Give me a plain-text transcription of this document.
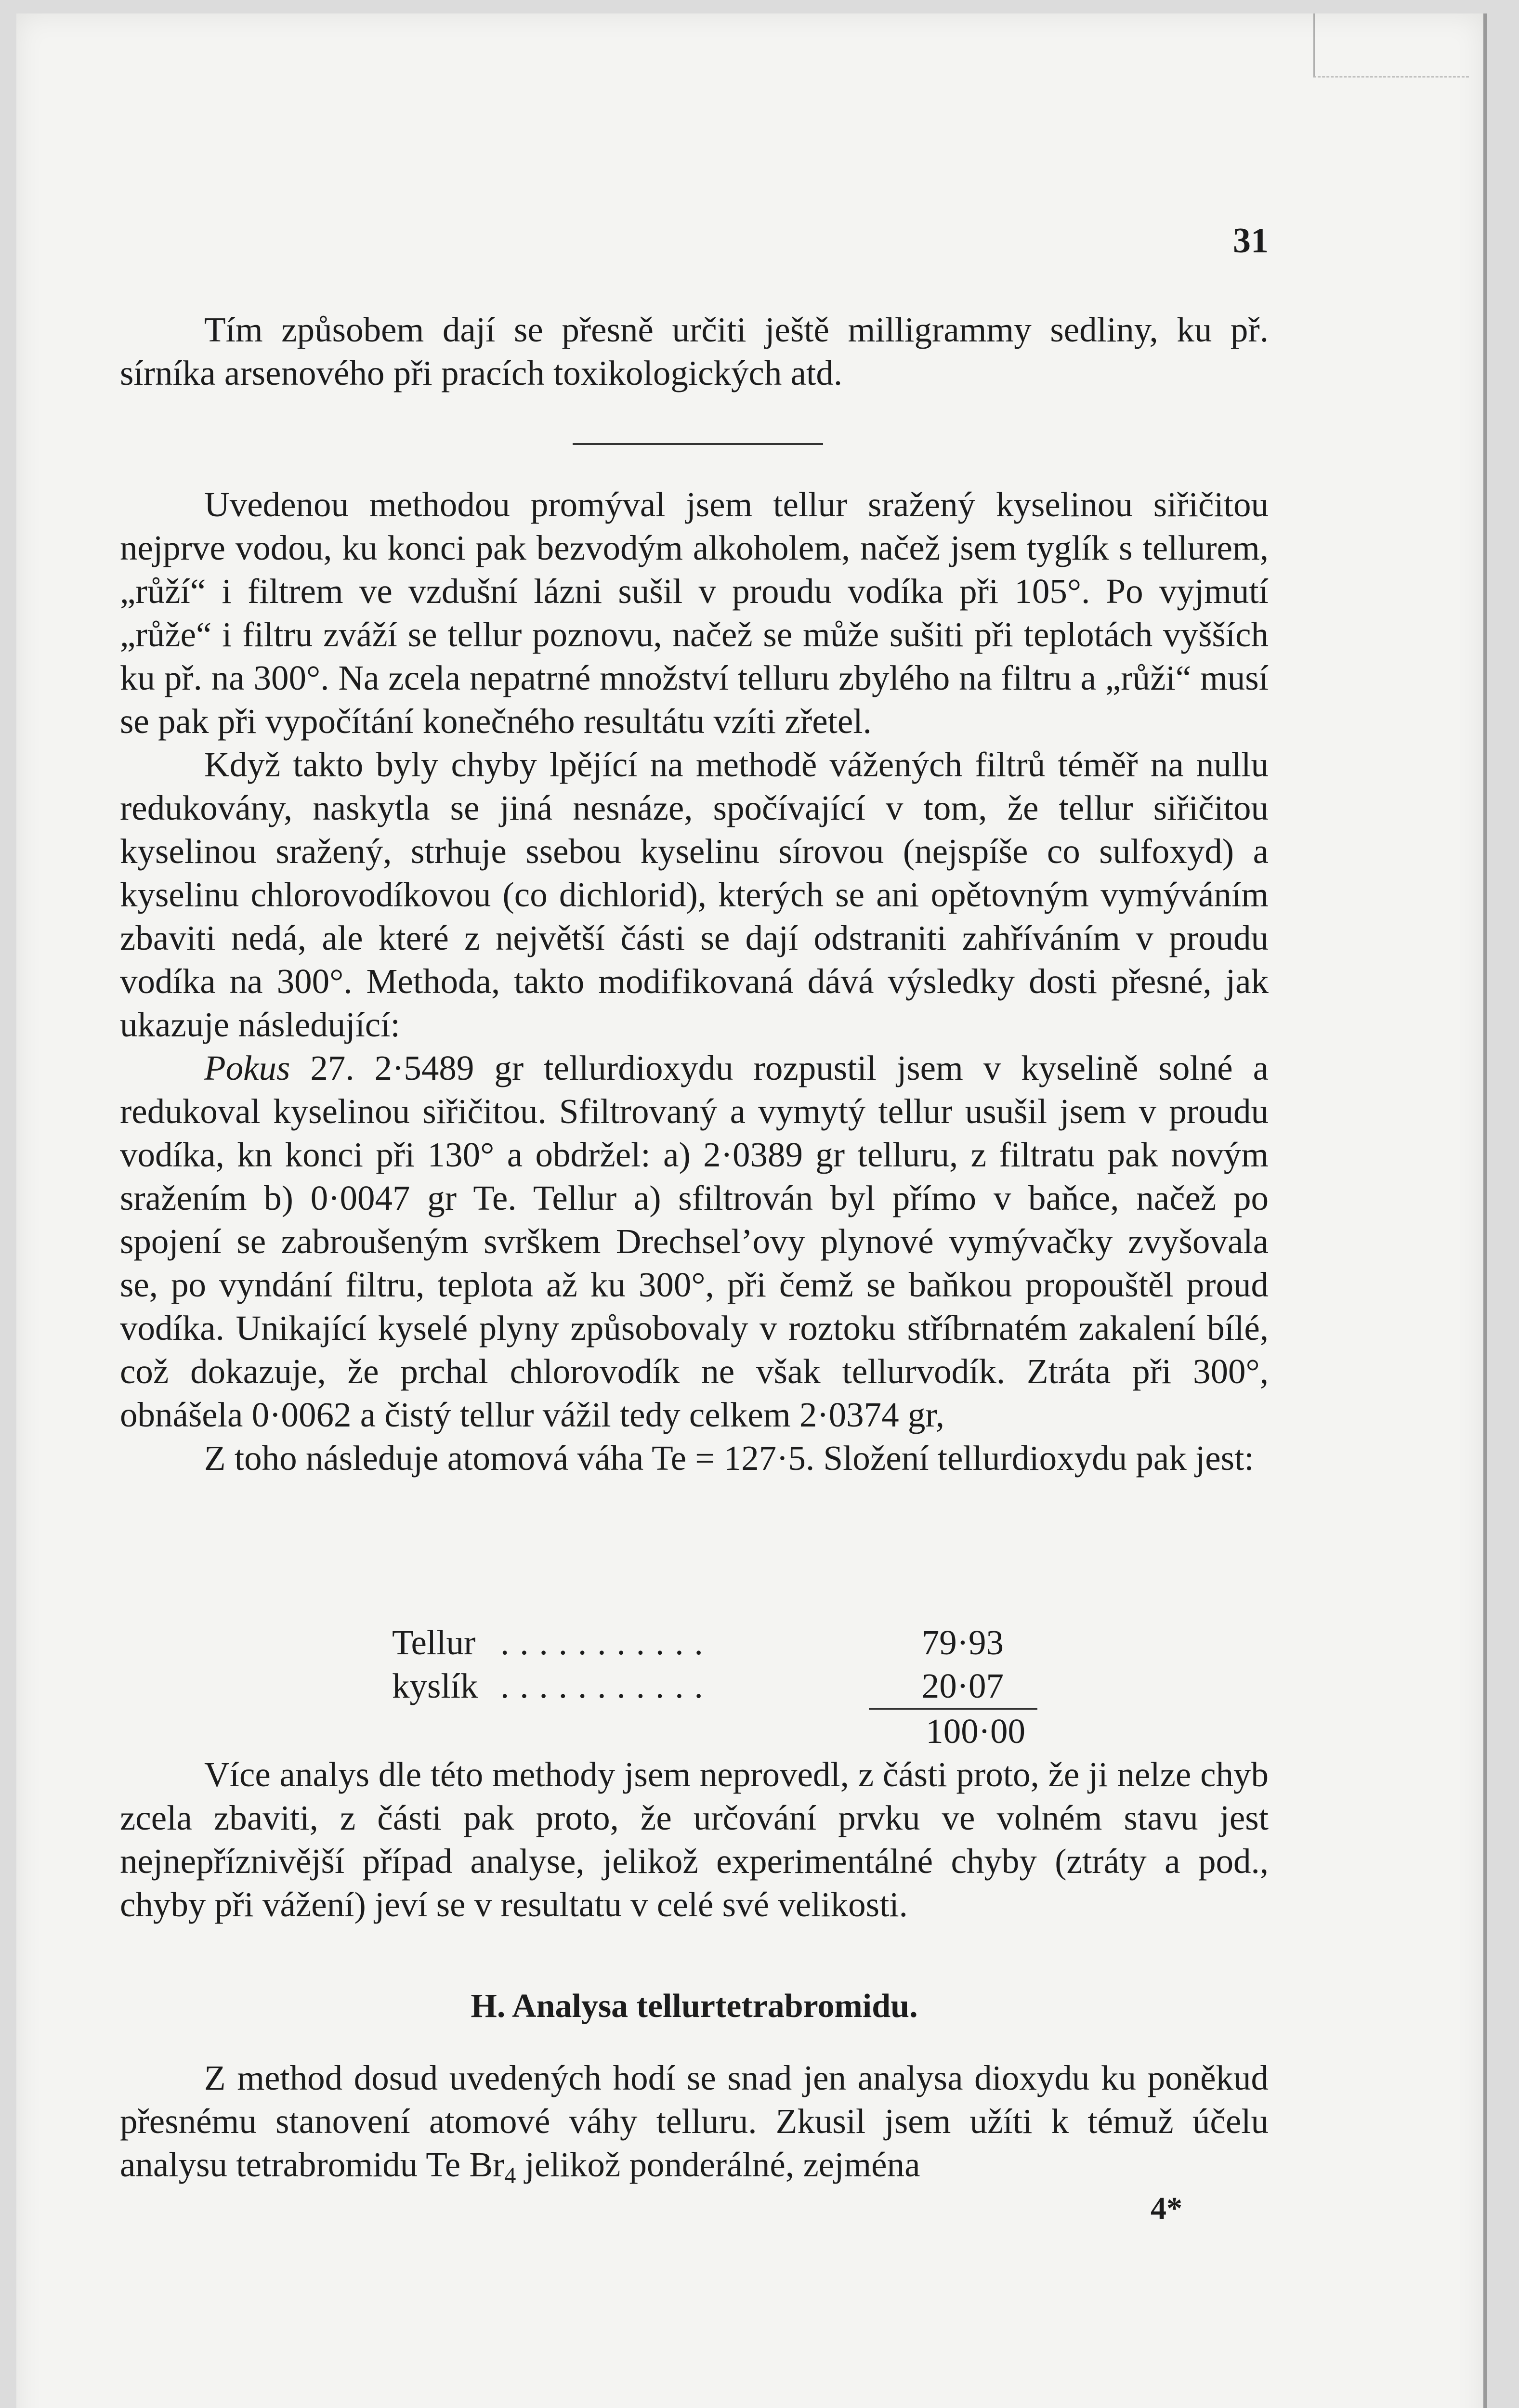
31

Tím způsobem dají se přesně určiti ještě milligrammy sedliny, ku př. sírníka arsenového při pracích toxikologických atd.

Uvedenou methodou promýval jsem tellur sražený kyselinou siřičitou nejprve vodou, ku konci pak bezvodým alkoholem, načež jsem tyglík s tellurem, „růží“ i filtrem ve vzdušní lázni sušil v proudu vodíka při 105°. Po vyjmutí „růže“ i filtru zváží se tellur poznovu, načež se může sušiti při teplotách vyšších ku př. na 300°. Na zcela nepatrné množství telluru zbylého na filtru a „růži“ musí se pak při vypočítání konečného resultátu vzíti zřetel.

Když takto byly chyby lpějící na methodě vážených filtrů téměř na nullu redukovány, naskytla se jiná nesnáze, spočívající v tom, že tellur siřičitou kyselinou sražený, strhuje ssebou kyselinu sírovou (nejspíše co sulfoxyd) a kyselinu chlorovodíkovou (co dichlorid), kterých se ani opětovným vymýváním zbaviti nedá, ale které z největší části se dají odstraniti zahříváním v proudu vodíka na 300°. Methoda, takto modifikovaná dává výsledky dosti přesné, jak ukazuje následující:

Pokus 27. 2·5489 gr tellurdioxydu rozpustil jsem v kyselině solné a redukoval kyselinou siřičitou. Sfiltrovaný a vymytý tellur usušil jsem v proudu vodíka, kn konci při 130° a obdržel: a) 2·0389 gr telluru, z filtratu pak novým sražením b) 0·0047 gr Te. Tellur a) sfiltrován byl přímo v baňce, načež po spojení se zabroušeným svrškem Drechsel’ovy plynové vymývačky zvyšovala se, po vyndání filtru, teplota až ku 300°, při čemž se baňkou propouštěl proud vodíka. Unikající kyselé plyny způsobovaly v roztoku stříbrnatém zakalení bílé, což dokazuje, že prchal chlorovodík ne však tellurvodík. Ztráta při 300°, obnášela 0·0062 a čistý tellur vážil tedy celkem 2·0374 gr,

Z toho následuje atomová váha Te = 127·5. Složení tellurdioxydu pak jest:

Tellur ...........	79·93
kyslík ...........	20·07
100·00

Více analys dle této methody jsem neprovedl, z části proto, že ji nelze chyb zcela zbaviti, z části pak proto, že určování prvku ve volném stavu jest nejnepříznivější případ analyse, jelikož experimentálné chyby (ztráty a pod., chyby při vážení) jeví se v resultatu v celé své velikosti.

H. Analysa tellurtetrabromidu.

Z method dosud uvedených hodí se snad jen analysa dioxydu ku poněkud přesnému stanovení atomové váhy telluru. Zkusil jsem užíti k témuž účelu analysu tetrabromidu Te $Br_4$ jelikož ponderálné, zejména

4*
